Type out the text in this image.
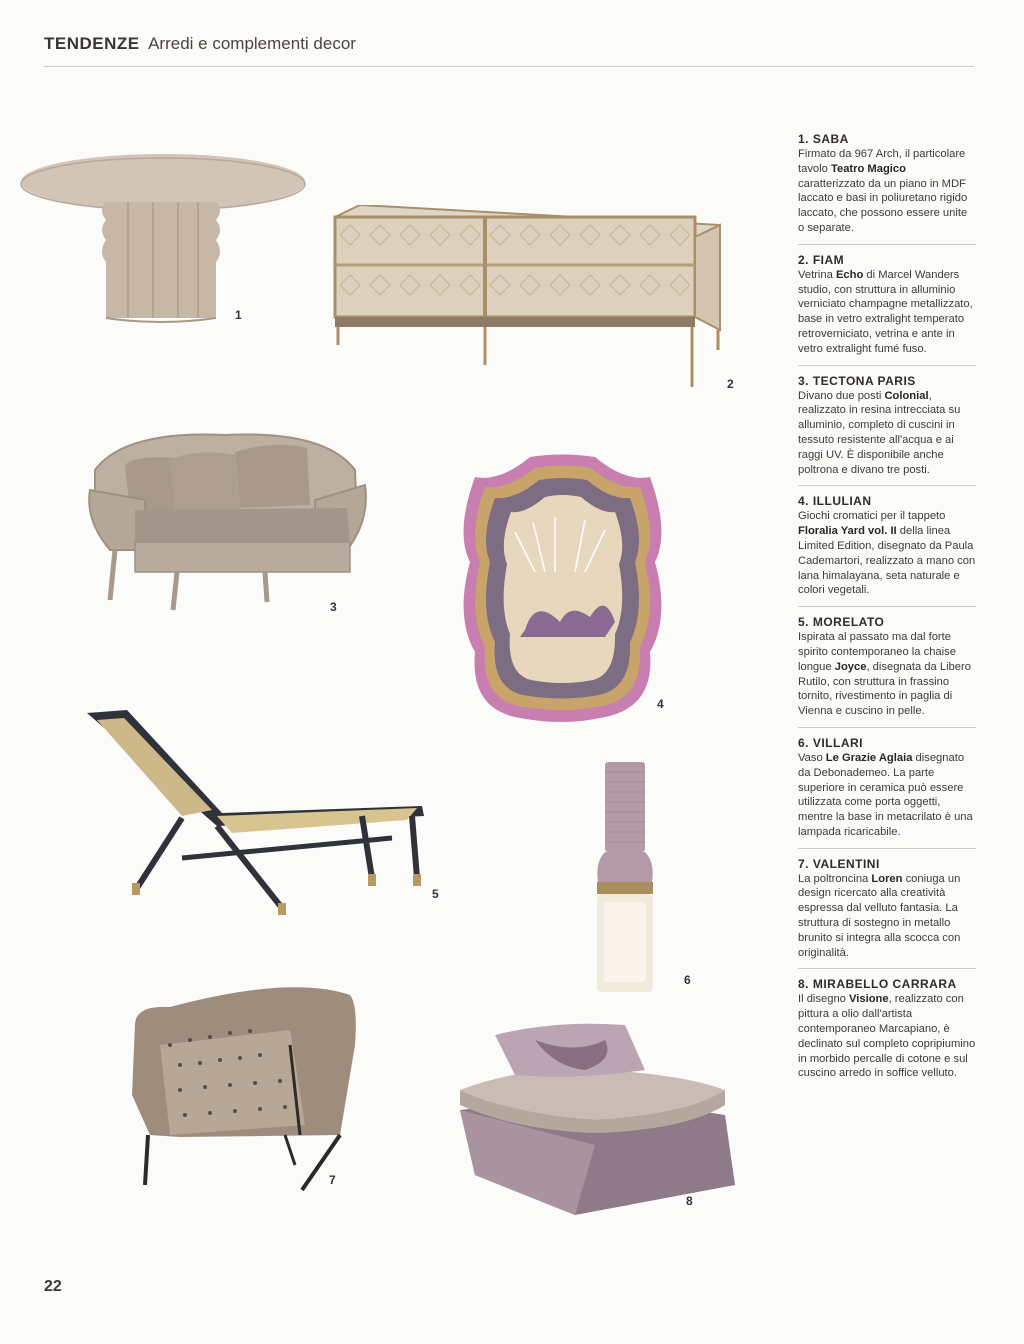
TENDENZE Arredi e complementi decor
1
2
3
4
5
6
7
8
1. SABA

Firmato da 967 Arch, il particolare tavolo Teatro Magico caratterizzato da un piano in MDF laccato e basi in poliuretano rigido laccato, che possono essere unite o separate.

2. FIAM

Vetrina Echo di Marcel Wanders studio, con struttura in alluminio verniciato champagne metallizzato, base in vetro extralight temperato retroverniciato, vetrina e ante in vetro extralight fumé fuso.

3. TECTONA PARIS

Divano due posti Colonial, realizzato in resina intrecciata su alluminio, completo di cuscini in tessuto resistente all'acqua e ai raggi UV. È disponibile anche poltrona e divano tre posti.

4. ILLULIAN

Giochi cromatici per il tappeto Floralia Yard vol. II della linea Limited Edition, disegnato da Paula Cademartori, realizzato a mano con lana himalayana, seta naturale e colori vegetali.

5. MORELATO

Ispirata al passato ma dal forte spirito contemporaneo la chaise longue Joyce, disegnata da Libero Rutilo, con struttura in frassino tornito, rivestimento in paglia di Vienna e cuscino in pelle.

6. VILLARI

Vaso Le Grazie Aglaia disegnato da Debonademeo. La parte superiore in ceramica può essere utilizzata come porta oggetti, mentre la base in metacrilato è una lampada ricaricabile.

7. VALENTINI

La poltroncina Loren coniuga un design ricercato alla creatività espressa dal velluto fantasia. La struttura di sostegno in metallo brunito si integra alla scocca con originalità.

8. MIRABELLO CARRARA

Il disegno Visione, realizzato con pittura a olio dall'artista contemporaneo Marcapiano, è declinato sul completo copripiumino in morbido percalle di cotone e sul cuscino arredo in soffice velluto.

22
